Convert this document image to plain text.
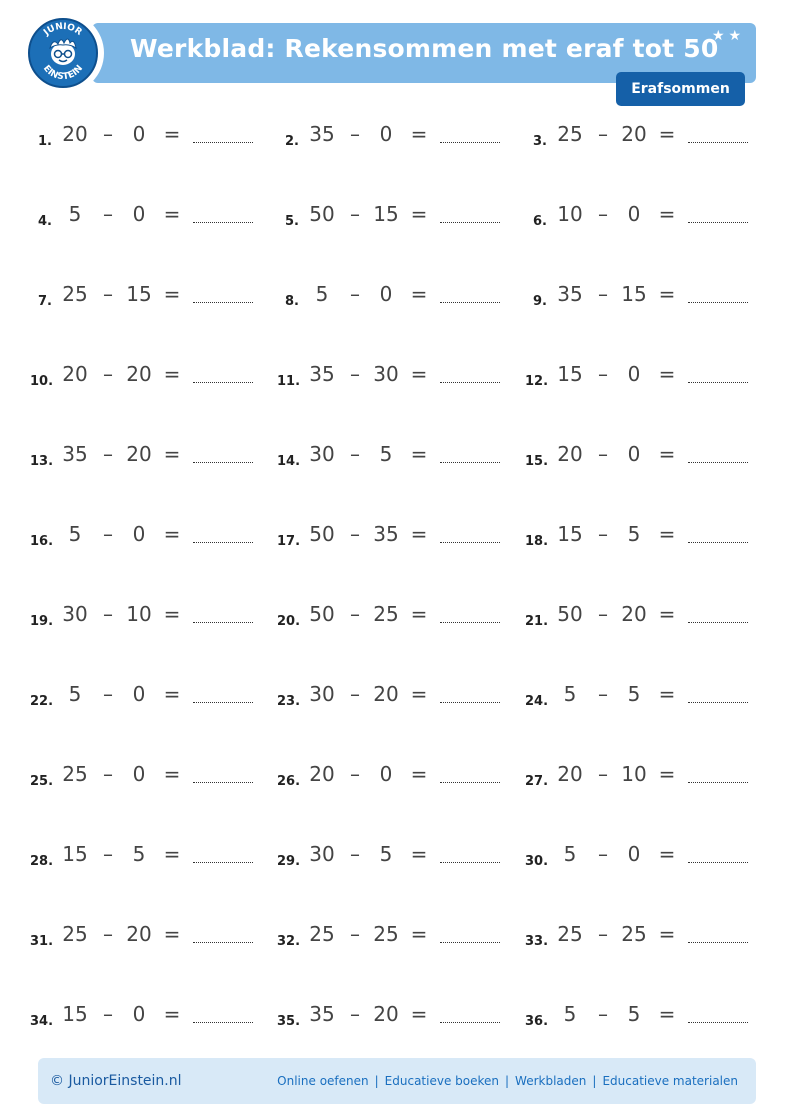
JUNIOR
EINSTEIN
Werkblad: Rekensommen met eraf tot 50
★★
Erafsommen
1. 20 – 0 =
4. 5	– 0 =
7. 25 – 15 =
10. 20 – 20 =
13. 35 – 20 =
16. 5	– 0 =
19. 30 – 10 =
22. 5	– 0 =
25. 25 – 0 =
28. 15 – 5 =
31. 25 – 20 =
34. 15 – 0 =
2. 35 – 0 =
5. 50 – 15 =
8. 5	– 0 =
11. 35 – 30 =
14. 30 – 5 =
17. 50 – 35 =
20. 50 – 25 =
23. 30 – 20 =
26. 20 – 0 =
29. 30 – 5 =
32. 25 – 25 =
35. 35 – 20 =
3. 25 – 20 =
6. 10 – 0 =
9. 35 – 15 =
12. 15 – 0 =
15. 20 – 0 =
18. 15 – 5 =
21. 50 – 20 =
24. 5	– 5 =
27. 20 – 10 =
30. 5	– 0 =
33. 25 – 25 =
36. 5	– 5 =
© JuniorEinstein.nl	Online oefenen | Educatieve boeken | Werkbladen | Educatieve materialen
